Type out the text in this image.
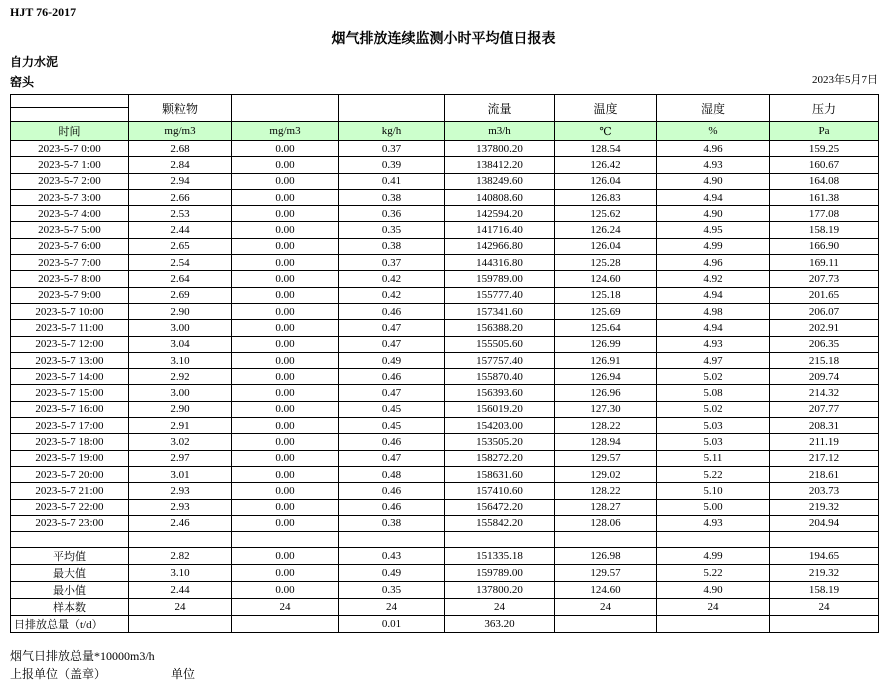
HJT 76-2017
烟气排放连续监测小时平均值日报表
自力水泥
窑头	2023年5月7日
	颗粒物			流量	温度	湿度	压力
时间	mg/m3	mg/m3	kg/h	m3/h	℃	%	Pa
2023-5-7 0:00	2.68	0.00	0.37	137800.20	128.54	4.96	159.25
2023-5-7 1:00	2.84	0.00	0.39	138412.20	126.42	4.93	160.67
2023-5-7 2:00	2.94	0.00	0.41	138249.60	126.04	4.90	164.08
2023-5-7 3:00	2.66	0.00	0.38	140808.60	126.83	4.94	161.38
2023-5-7 4:00	2.53	0.00	0.36	142594.20	125.62	4.90	177.08
2023-5-7 5:00	2.44	0.00	0.35	141716.40	126.24	4.95	158.19
2023-5-7 6:00	2.65	0.00	0.38	142966.80	126.04	4.99	166.90
2023-5-7 7:00	2.54	0.00	0.37	144316.80	125.28	4.96	169.11
2023-5-7 8:00	2.64	0.00	0.42	159789.00	124.60	4.92	207.73
2023-5-7 9:00	2.69	0.00	0.42	155777.40	125.18	4.94	201.65
2023-5-7 10:00	2.90	0.00	0.46	157341.60	125.69	4.98	206.07
2023-5-7 11:00	3.00	0.00	0.47	156388.20	125.64	4.94	202.91
2023-5-7 12:00	3.04	0.00	0.47	155505.60	126.99	4.93	206.35
2023-5-7 13:00	3.10	0.00	0.49	157757.40	126.91	4.97	215.18
2023-5-7 14:00	2.92	0.00	0.46	155870.40	126.94	5.02	209.74
2023-5-7 15:00	3.00	0.00	0.47	156393.60	126.96	5.08	214.32
2023-5-7 16:00	2.90	0.00	0.45	156019.20	127.30	5.02	207.77
2023-5-7 17:00	2.91	0.00	0.45	154203.00	128.22	5.03	208.31
2023-5-7 18:00	3.02	0.00	0.46	153505.20	128.94	5.03	211.19
2023-5-7 19:00	2.97	0.00	0.47	158272.20	129.57	5.11	217.12
2023-5-7 20:00	3.01	0.00	0.48	158631.60	129.02	5.22	218.61
2023-5-7 21:00	2.93	0.00	0.46	157410.60	128.22	5.10	203.73
2023-5-7 22:00	2.93	0.00	0.46	156472.20	128.27	5.00	219.32
2023-5-7 23:00	2.46	0.00	0.38	155842.20	128.06	4.93	204.94

平均值	2.82	0.00	0.43	151335.18	126.98	4.99	194.65
最大值	3.10	0.00	0.49	159789.00	129.57	5.22	219.32
最小值	2.44	0.00	0.35	137800.20	124.60	4.90	158.19
样本数	24	24	24	24	24	24	24
日排放总量（t/d）			0.01	363.20			
烟气日排放总量*10000m3/h
上报单位（盖章）	单位
